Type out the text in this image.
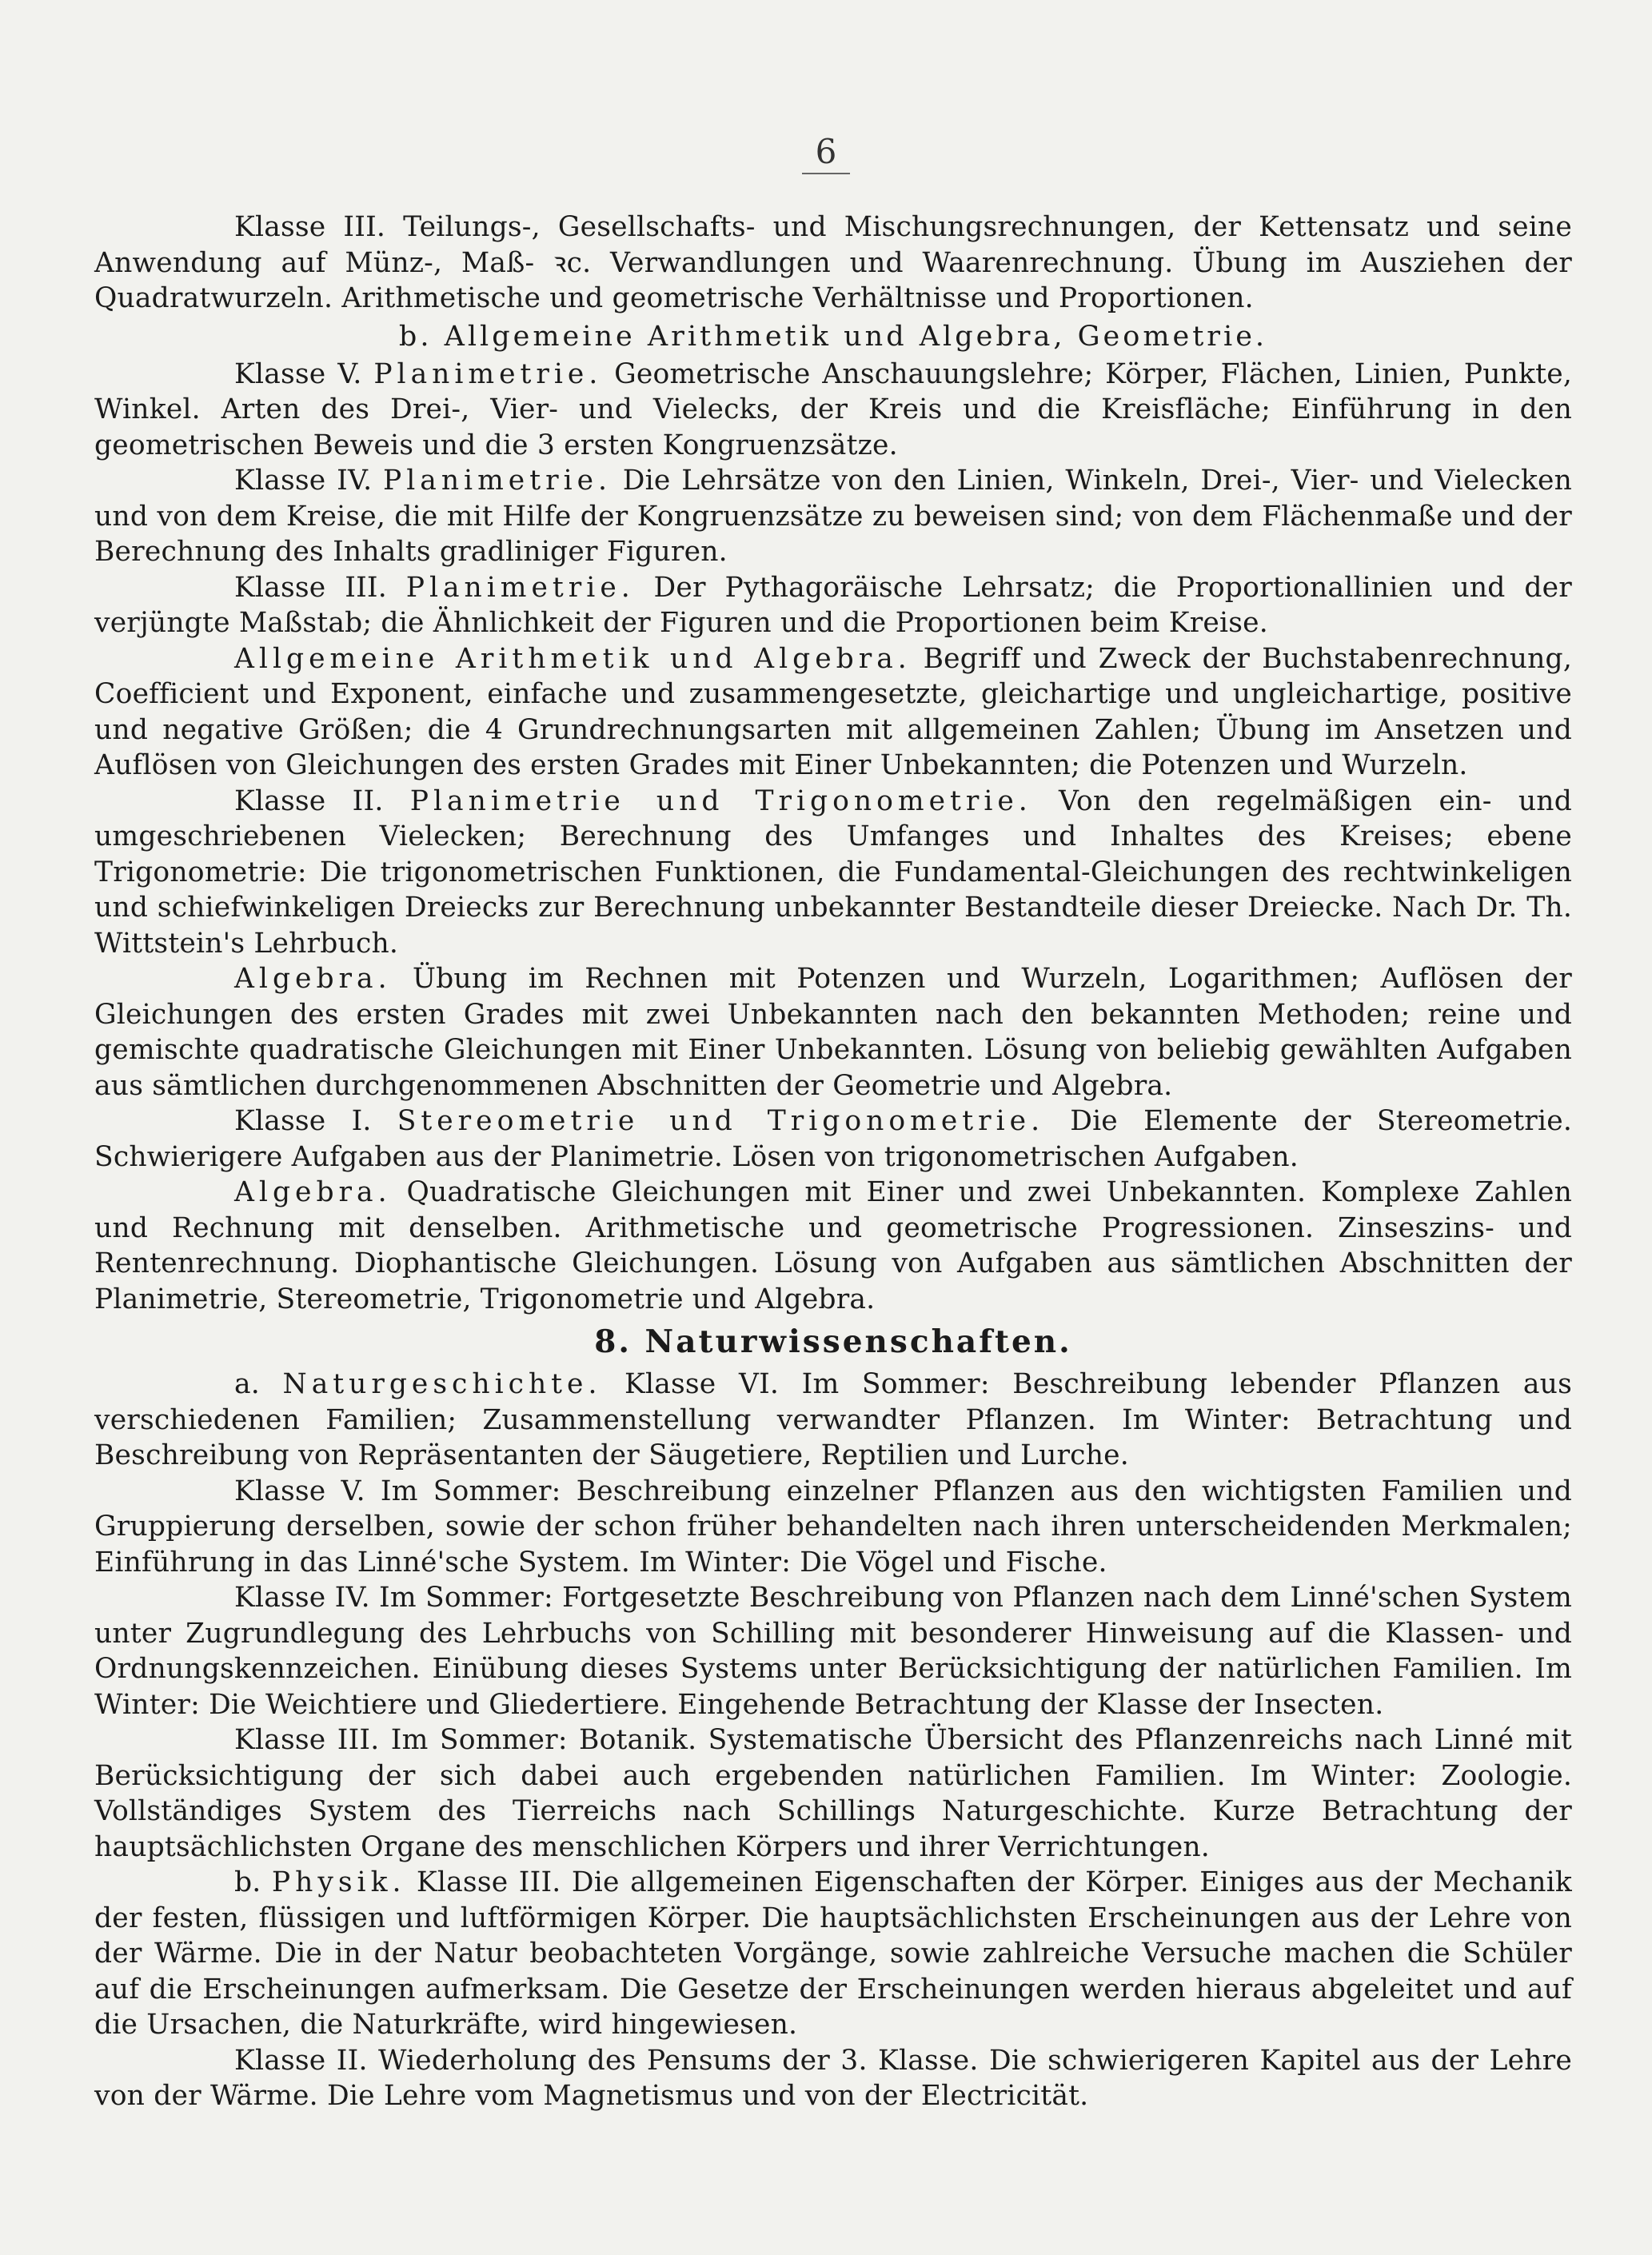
6

Klasse III. Teilungs-, Gesellschafts- und Mischungsrechnungen, der Kettensatz und seine Anwendung auf Münz-, Maß- ꝛc. Verwandlungen und Waarenrechnung. Übung im Ausziehen der Quadratwurzeln. Arithmetische und geometrische Verhältnisse und Proportionen.

b. Allgemeine Arithmetik und Algebra, Geometrie.

Klasse V. Planimetrie. Geometrische Anschauungslehre; Körper, Flächen, Linien, Punkte, Winkel. Arten des Drei-, Vier- und Vielecks, der Kreis und die Kreisfläche; Einführung in den geometrischen Beweis und die 3 ersten Kongruenzsätze.

Klasse IV. Planimetrie. Die Lehrsätze von den Linien, Winkeln, Drei-, Vier- und Vielecken und von dem Kreise, die mit Hilfe der Kongruenzsätze zu beweisen sind; von dem Flächenmaße und der Berechnung des Inhalts gradliniger Figuren.

Klasse III. Planimetrie. Der Pythagoräische Lehrsatz; die Proportionallinien und der verjüngte Maßstab; die Ähnlichkeit der Figuren und die Proportionen beim Kreise.

Allgemeine Arithmetik und Algebra. Begriff und Zweck der Buchstabenrechnung, Coefficient und Exponent, einfache und zusammengesetzte, gleichartige und ungleichartige, positive und negative Größen; die 4 Grundrechnungsarten mit allgemeinen Zahlen; Übung im Ansetzen und Auflösen von Gleichungen des ersten Grades mit Einer Unbekannten; die Potenzen und Wurzeln.

Klasse II. Planimetrie und Trigonometrie. Von den regelmäßigen ein- und umgeschriebenen Vielecken; Berechnung des Umfanges und Inhaltes des Kreises; ebene Trigonometrie: Die trigonometrischen Funktionen, die Fundamental-Gleichungen des rechtwinkeligen und schiefwinkeligen Dreiecks zur Berechnung unbekannter Bestandteile dieser Dreiecke. Nach Dr. Th. Wittstein's Lehrbuch.

Algebra. Übung im Rechnen mit Potenzen und Wurzeln, Logarithmen; Auflösen der Gleichungen des ersten Grades mit zwei Unbekannten nach den bekannten Methoden; reine und gemischte quadratische Gleichungen mit Einer Unbekannten. Lösung von beliebig gewählten Aufgaben aus sämtlichen durchgenommenen Abschnitten der Geometrie und Algebra.

Klasse I. Stereometrie und Trigonometrie. Die Elemente der Stereometrie. Schwierigere Aufgaben aus der Planimetrie. Lösen von trigonometrischen Aufgaben.

Algebra. Quadratische Gleichungen mit Einer und zwei Unbekannten. Komplexe Zahlen und Rechnung mit denselben. Arithmetische und geometrische Progressionen. Zinseszins- und Rentenrechnung. Diophantische Gleichungen. Lösung von Aufgaben aus sämtlichen Abschnitten der Planimetrie, Stereometrie, Trigonometrie und Algebra.

8. Naturwissenschaften.

a. Naturgeschichte. Klasse VI. Im Sommer: Beschreibung lebender Pflanzen aus verschiedenen Familien; Zusammenstellung verwandter Pflanzen. Im Winter: Betrachtung und Beschreibung von Repräsentanten der Säugetiere, Reptilien und Lurche.

Klasse V. Im Sommer: Beschreibung einzelner Pflanzen aus den wichtigsten Familien und Gruppierung derselben, sowie der schon früher behandelten nach ihren unterscheidenden Merkmalen; Einführung in das Linné'sche System. Im Winter: Die Vögel und Fische.

Klasse IV. Im Sommer: Fortgesetzte Beschreibung von Pflanzen nach dem Linné'schen System unter Zugrundlegung des Lehrbuchs von Schilling mit besonderer Hinweisung auf die Klassen- und Ordnungskennzeichen. Einübung dieses Systems unter Berücksichtigung der natürlichen Familien. Im Winter: Die Weichtiere und Gliedertiere. Eingehende Betrachtung der Klasse der Insecten.

Klasse III. Im Sommer: Botanik. Systematische Übersicht des Pflanzenreichs nach Linné mit Berücksichtigung der sich dabei auch ergebenden natürlichen Familien. Im Winter: Zoologie. Vollständiges System des Tierreichs nach Schillings Naturgeschichte. Kurze Betrachtung der hauptsächlichsten Organe des menschlichen Körpers und ihrer Verrichtungen.

b. Physik. Klasse III. Die allgemeinen Eigenschaften der Körper. Einiges aus der Mechanik der festen, flüssigen und luftförmigen Körper. Die hauptsächlichsten Erscheinungen aus der Lehre von der Wärme. Die in der Natur beobachteten Vorgänge, sowie zahlreiche Versuche machen die Schüler auf die Erscheinungen aufmerksam. Die Gesetze der Erscheinungen werden hieraus abgeleitet und auf die Ursachen, die Naturkräfte, wird hingewiesen.

Klasse II. Wiederholung des Pensums der 3. Klasse. Die schwierigeren Kapitel aus der Lehre von der Wärme. Die Lehre vom Magnetismus und von der Electricität.
